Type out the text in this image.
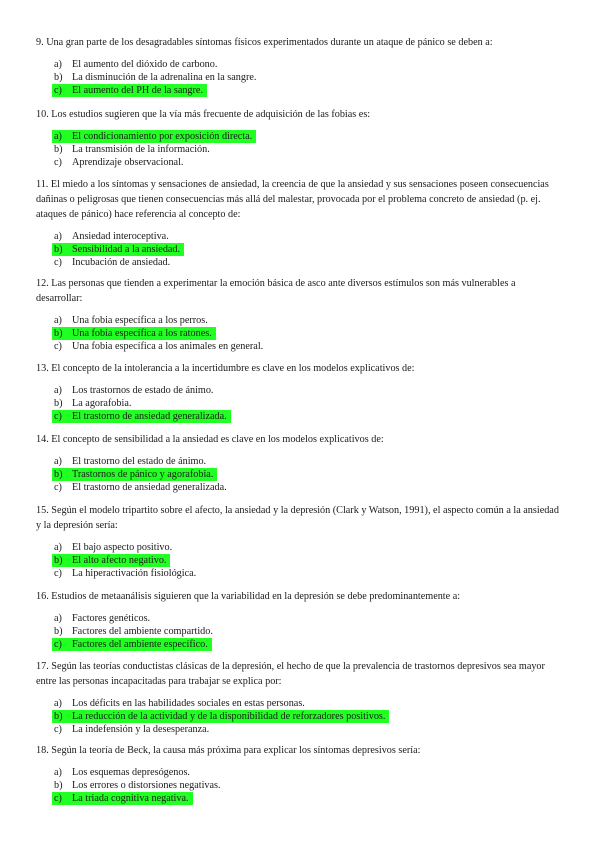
9. Una gran parte de los desagradables síntomas físicos experimentados durante un ataque de pánico se deben a:

a) El aumento del dióxido de carbono.
b) La disminución de la adrenalina en la sangre.
c) El aumento del PH de la sangre.

10. Los estudios sugieren que la vía más frecuente de adquisición de las fobias es:

a) El condicionamiento por exposición directa.
b) La transmisión de la información.
c) Aprendizaje observacional.

11. El miedo a los síntomas y sensaciones de ansiedad, la creencia de que la ansiedad y sus sensaciones poseen consecuencias dañinas o peligrosas que tienen consecuencias más allá del malestar, provocada por el problema concreto de ansiedad (p. ej. ataques de pánico) hace referencia al concepto de:

a) Ansiedad interoceptiva.
b) Sensibilidad a la ansiedad.
c) Incubación de ansiedad.

12. Las personas que tienden a experimentar la emoción básica de asco ante diversos estímulos son más vulnerables a desarrollar:

a) Una fobia específica a los perros.
b) Una fobia específica a los ratones.
c) Una fobia específica a los animales en general.

13. El concepto de la intolerancia a la incertidumbre es clave en los modelos explicativos de:

a) Los trastornos de estado de ánimo.
b) La agorafobia.
c) El trastorno de ansiedad generalizada.

14. El concepto de sensibilidad a la ansiedad es clave en los modelos explicativos de:

a) El trastorno del estado de ánimo.
b) Trastornos de pánico y agorafobia.
c) El trastorno de ansiedad generalizada.

15. Según el modelo tripartito sobre el afecto, la ansiedad y la depresión (Clark y Watson, 1991), el aspecto común a la ansiedad y la depresión sería:

a) El bajo aspecto positivo.
b) El alto afecto negativo.
c) La hiperactivación fisiológica.

16. Estudios de metaanálisis siguieren que la variabilidad en la depresión se debe predominantemente a:

a) Factores genéticos.
b) Factores del ambiente compartido.
c) Factores del ambiente específico.

17. Según las teorías conductistas clásicas de la depresión, el hecho de que la prevalencia de trastornos depresivos sea mayor entre las personas incapacitadas para trabajar se explica por:

a) Los déficits en las habilidades sociales en estas personas.
b) La reducción de la actividad y de la disponibilidad de reforzadores positivos.
c) La indefensión y la desesperanza.

18. Según la teoría de Beck, la causa más próxima para explicar los síntomas depresivos sería:

a) Los esquemas depresógenos.
b) Los errores o distorsiones negativas.
c) La triada cognitiva negativa.
